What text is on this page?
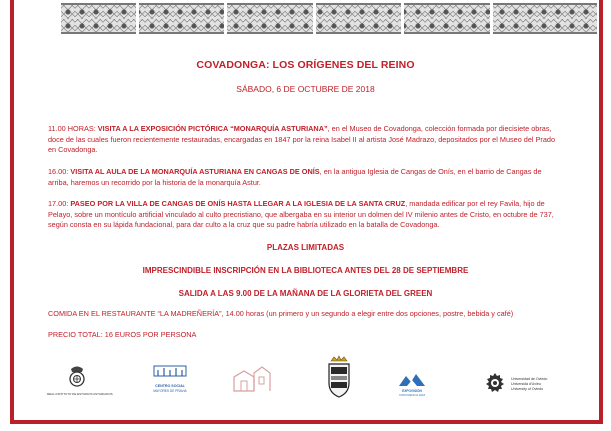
COVADONGA: LOS ORÍGENES DEL REINO
SÁBADO, 6 DE OCTUBRE DE 2018

11.00 HORAS: VISITA A LA EXPOSICIÓN PICTÓRICA “MONARQUÍA ASTURIANA”, en el Museo de Covadonga, colección formada por diecisiete obras, doce de las cuales fueron recientemente restauradas, encargadas en 1847 por la reina Isabel II al artista José Madrazo, depositados por el Museo del Prado en Covadonga.

16.00: VISITA AL AULA DE LA MONARQUÍA ASTURIANA EN CANGAS DE ONÍS, en la antigua Iglesia de Cangas de Onís, en el barrio de Cangas de arriba, haremos un recorrido por la historia de la monarquía Astur.

17.00: PASEO POR LA VILLA DE CANGAS DE ONÍS HASTA LLEGAR A LA IGLESIA DE LA SANTA CRUZ, mandada edificar por el rey Favila, hijo de Pelayo, sobre un montículo artificial vinculado al culto precristiano, que albergaba en su interior un dolmen del IV milenio antes de Cristo, en octubre de 737, según consta en su lápida fundacional, para dar culto a la cruz que su padre habría utilizado en la batalla de Covadonga.

PLAZAS LIMITADAS
IMPRESCINDIBLE INSCRIPCIÓN EN LA BIBLIOTECA ANTES DEL 28 DE SEPTIEMBRE
SALIDA A LAS 9.00 DE LA MAÑANA DE LA GLORIETA DEL GREEN
COMIDA EN EL RESTAURANTE “LA MADREÑERÍA”, 14.00 horas (un primero y un segundo a elegir entre dos opciones, postre, bebida y café)
PRECIO TOTAL: 16 EUROS POR PERSONA
REAL INSTITUTO DE ESTUDIOS ASTURIANOS
CENTRO SOCIAL
MAYORES DE PRAVIA	EXPOVISIÓN
CONVIVENCIA 2018
Universidad de Oviedo
Universidá d'Uviéu
University of Oviedo
